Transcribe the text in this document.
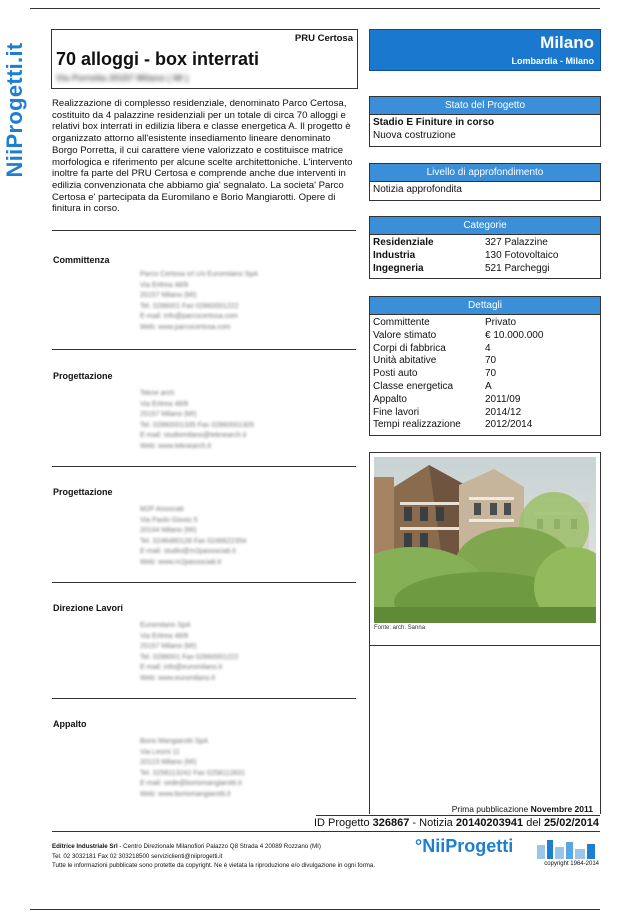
NiiProgetti.it
PRU Certosa
70 alloggi - box interrati
Via Porretta 20157 Milano ( MI )
Milano
Lombardia - Milano
Realizzazione di complesso residenziale, denominato Parco Certosa, costituito da 4 palazzine residenziali per un totale di circa 70 alloggi e relativi box interrati in edilizia libera e classe energetica A. Il progetto è organizzato attorno all'esistente insediamento lineare denominato Borgo Porretta, il cui carattere viene valorizzato e costituisce matrice morfologica e riferimento per alcune scelte architettoniche. L'intervento inoltre fa parte del PRU Certosa e comprende anche due interventi in edilizia convenzionata che abbiamo gia' segnalato. La societa' Parco Certosa e' partecipata da Euromilano e Borio Mangiarotti. Opere di finitura in corso.
Stato del Progetto
Stadio E Finiture in corso
Nuova costruzione
Livello di approfondimento
Notizia approfondita
Categorie
Residenziale	327 Palazzine
Industria	130 Fotovoltaico
Ingegneria	521 Parcheggi
Dettagli
Committente	Privato
Valore stimato	€ 10.000.000
Corpi di fabbrica	4
Unità abitative	70
Posti auto	70
Classe energetica	A
Appalto	2011/09
Fine lavori	2014/12
Tempi realizzazione	2012/2014
Fonte: arch. Sanna
Committenza
Parco Certosa srl c/o Euromilano SpA
Via Eritrea 48/8
20157 Milano (MI)
Tel. 0286001 Fax 02860001222
E-mail: info@parcocertosa.com
Web: www.parcocertosa.com
Progettazione
Tekne arch
Via Eritrea 48/8
20157 Milano (MI)
Tel. 02860001335 Fax 02860001305
E-mail: studiomilano@teknearch.it
Web: www.teknearch.it
Progettazione
M2P Associati
Via Paolo Giovio 5
20144 Milano (MI)
Tel. 0246480128 Fax 0246622354
E-mail: studio@m2passociati.it
Web: www.m2passociati.it
Direzione Lavori
Euromilano SpA
Via Eritrea 48/8
20157 Milano (MI)
Tel. 0286001 Fax 02860001222
E-mail: info@euromilano.it
Web: www.euromilano.it
Appalto
Borio Mangiarotti SpA
Via Lesmi 11
20123 Milano (MI)
Tel. 0258113242 Fax 0258112831
E-mail: sede@boriomangiarotti.it
Web: www.boriomangiarotti.it
Prima pubblicazione Novembre 2011
ID Progetto 326867 - Notizia 20140203941 del 25/02/2014
Editrice Industriale Srl - Centro Direzionale Milanofiori Palazzo Q8 Strada 4 20089 Rozzano (MI)
Tel. 02 3032181 Fax 02 303218500 serviziclienti@niiprogetti.it
Tutte le informazioni pubblicate sono protette da copyright. Ne è vietata la riproduzione e/o divulgazione in ogni forma.
°NiiProgetti
copyright 1964-2014
